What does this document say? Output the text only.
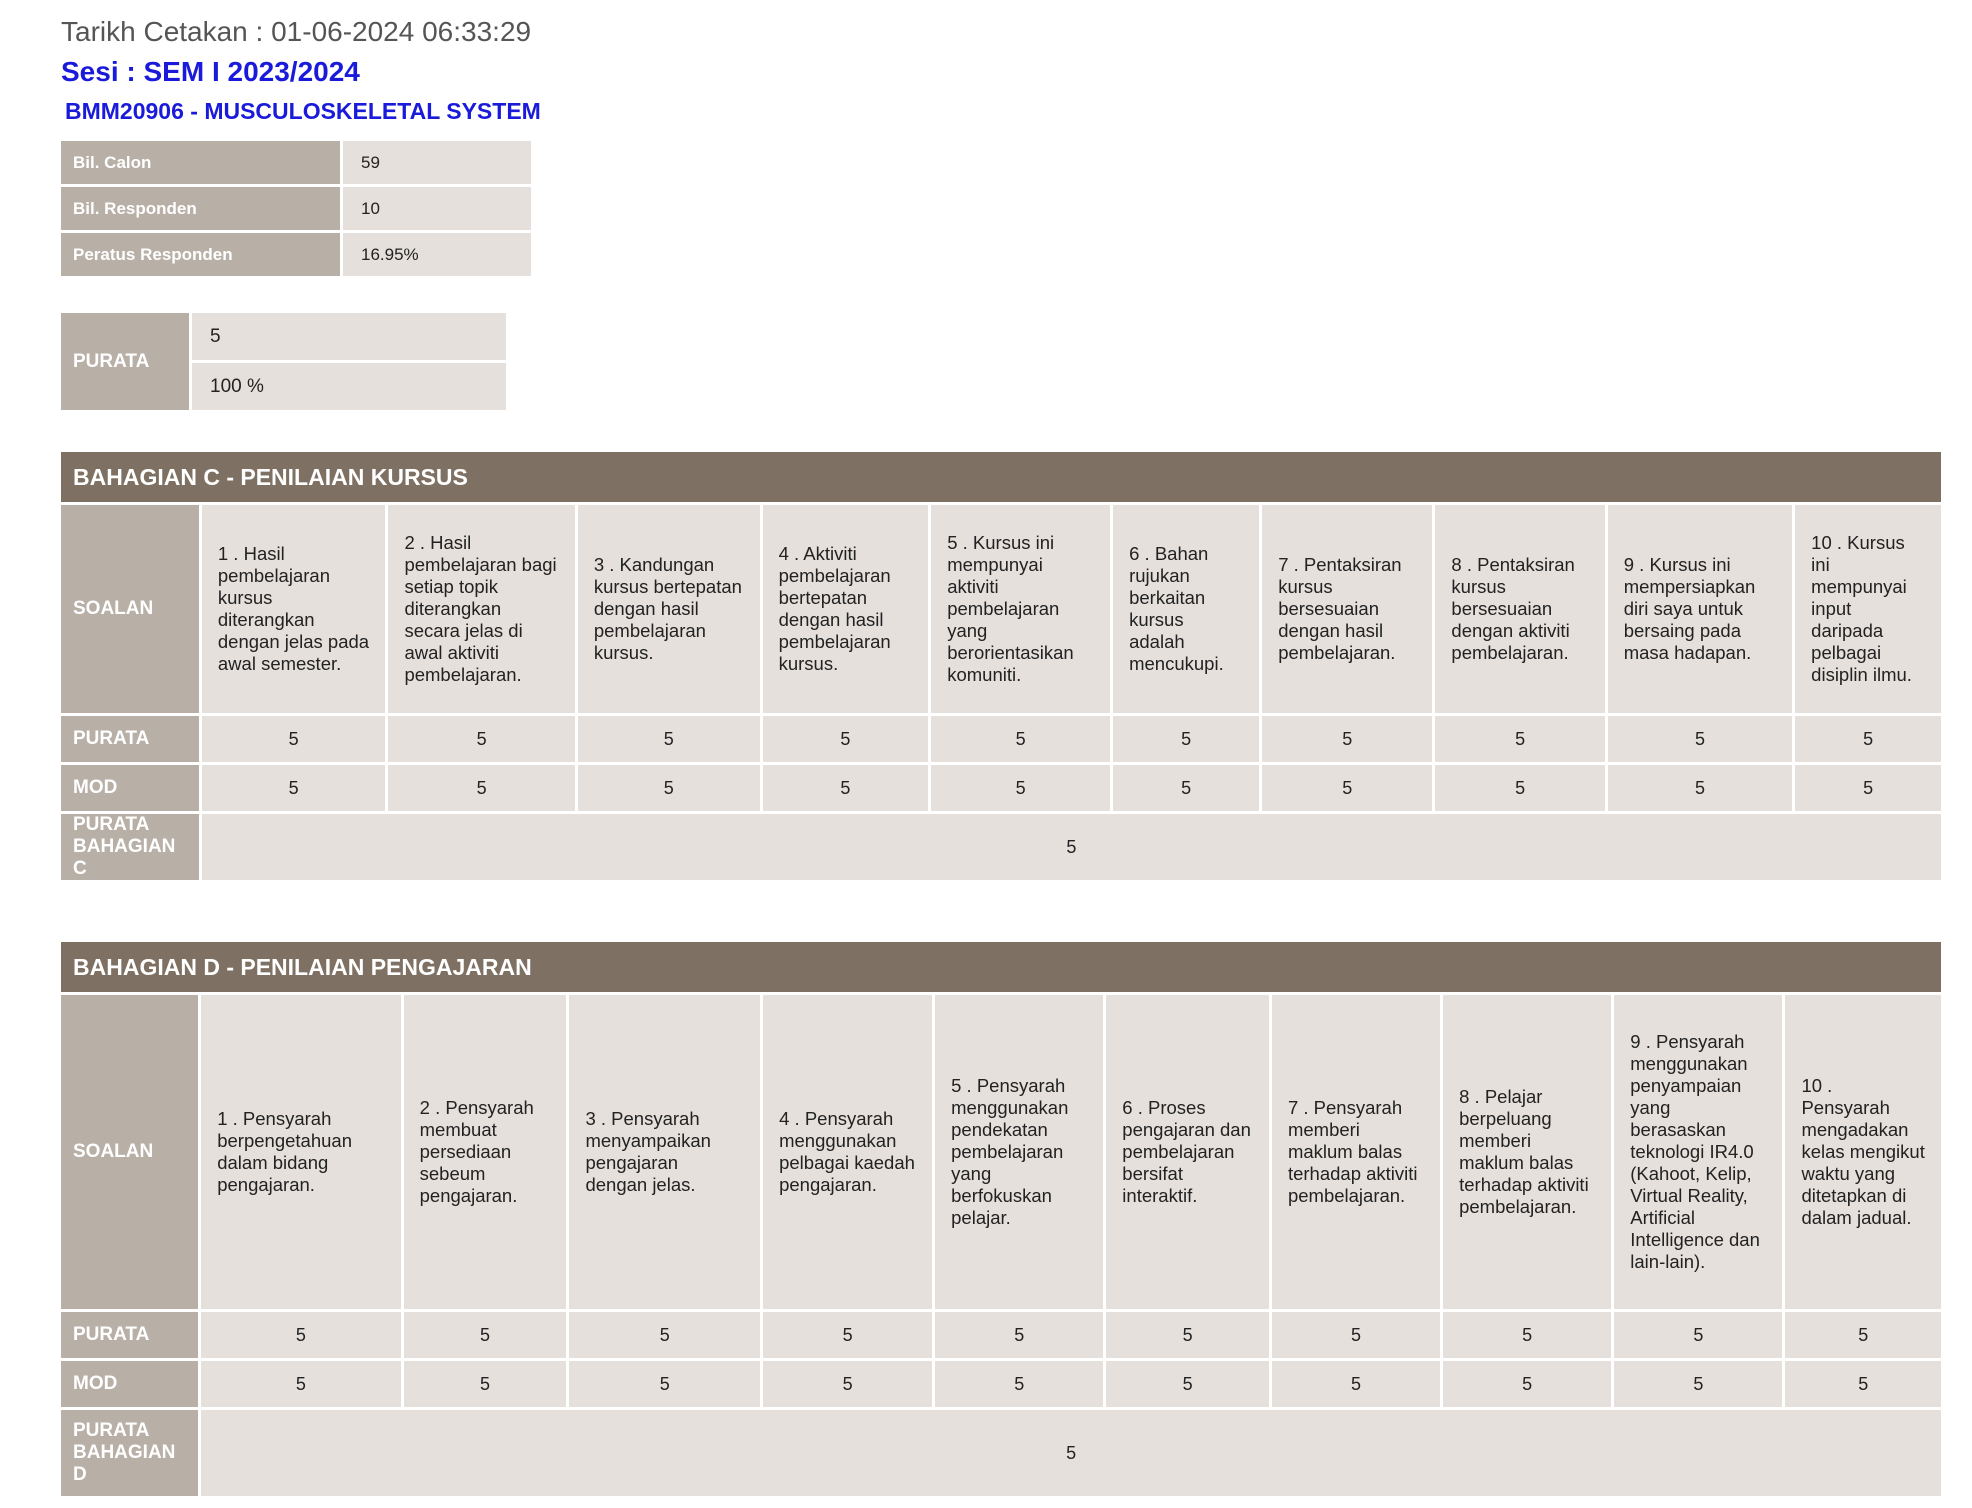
Tarikh Cetakan : 01-06-2024 06:33:29

Sesi : SEM I 2023/2024

BMM20906 - MUSCULOSKELETAL SYSTEM

Bil. Calon	59
Bil. Responden	10
Peratus Responden	16.95%
PURATA	5
100 %
BAHAGIAN C - PENILAIAN KURSUS										
SOALAN	1 . Hasil pembelajaran kursus diterangkan dengan jelas pada awal semester.	2 . Hasil pembelajaran bagi setiap topik diterangkan secara jelas di awal aktiviti pembelajaran.	3 . Kandungan kursus bertepatan dengan hasil pembelajaran kursus.	4 . Aktiviti pembelajaran bertepatan dengan hasil pembelajaran kursus.	5 . Kursus ini mempunyai aktiviti pembelajaran yang berorientasikan komuniti.	6 . Bahan rujukan berkaitan kursus adalah mencukupi.	7 . Pentaksiran kursus bersesuaian dengan hasil pembelajaran.	8 . Pentaksiran kursus bersesuaian dengan aktiviti pembelajaran.	9 . Kursus ini mempersiapkan diri saya untuk bersaing pada masa hadapan.	10 . Kursus ini mempunyai input daripada pelbagai disiplin ilmu.
PURATA	5	5	5	5	5	5	5	5	5	5
MOD	5	5	5	5	5	5	5	5	5	5
PURATA BAHAGIAN C	5									
BAHAGIAN D - PENILAIAN PENGAJARAN										
SOALAN	1 . Pensyarah berpengetahuan dalam bidang pengajaran.	2 . Pensyarah membuat persediaan sebeum pengajaran.	3 . Pensyarah menyampaikan pengajaran dengan jelas.	4 . Pensyarah menggunakan pelbagai kaedah pengajaran.	5 . Pensyarah menggunakan pendekatan pembelajaran yang berfokuskan pelajar.	6 . Proses pengajaran dan pembelajaran bersifat interaktif.	7 . Pensyarah memberi maklum balas terhadap aktiviti pembelajaran.	8 . Pelajar berpeluang memberi maklum balas terhadap aktiviti pembelajaran.	9 . Pensyarah menggunakan penyampaian yang berasaskan teknologi IR4.0 (Kahoot, Kelip, Virtual Reality, Artificial Intelligence dan lain-lain).	10 . Pensyarah mengadakan kelas mengikut waktu yang ditetapkan di dalam jadual.
PURATA	5	5	5	5	5	5	5	5	5	5
MOD	5	5	5	5	5	5	5	5	5	5
PURATA BAHAGIAN D	5									
